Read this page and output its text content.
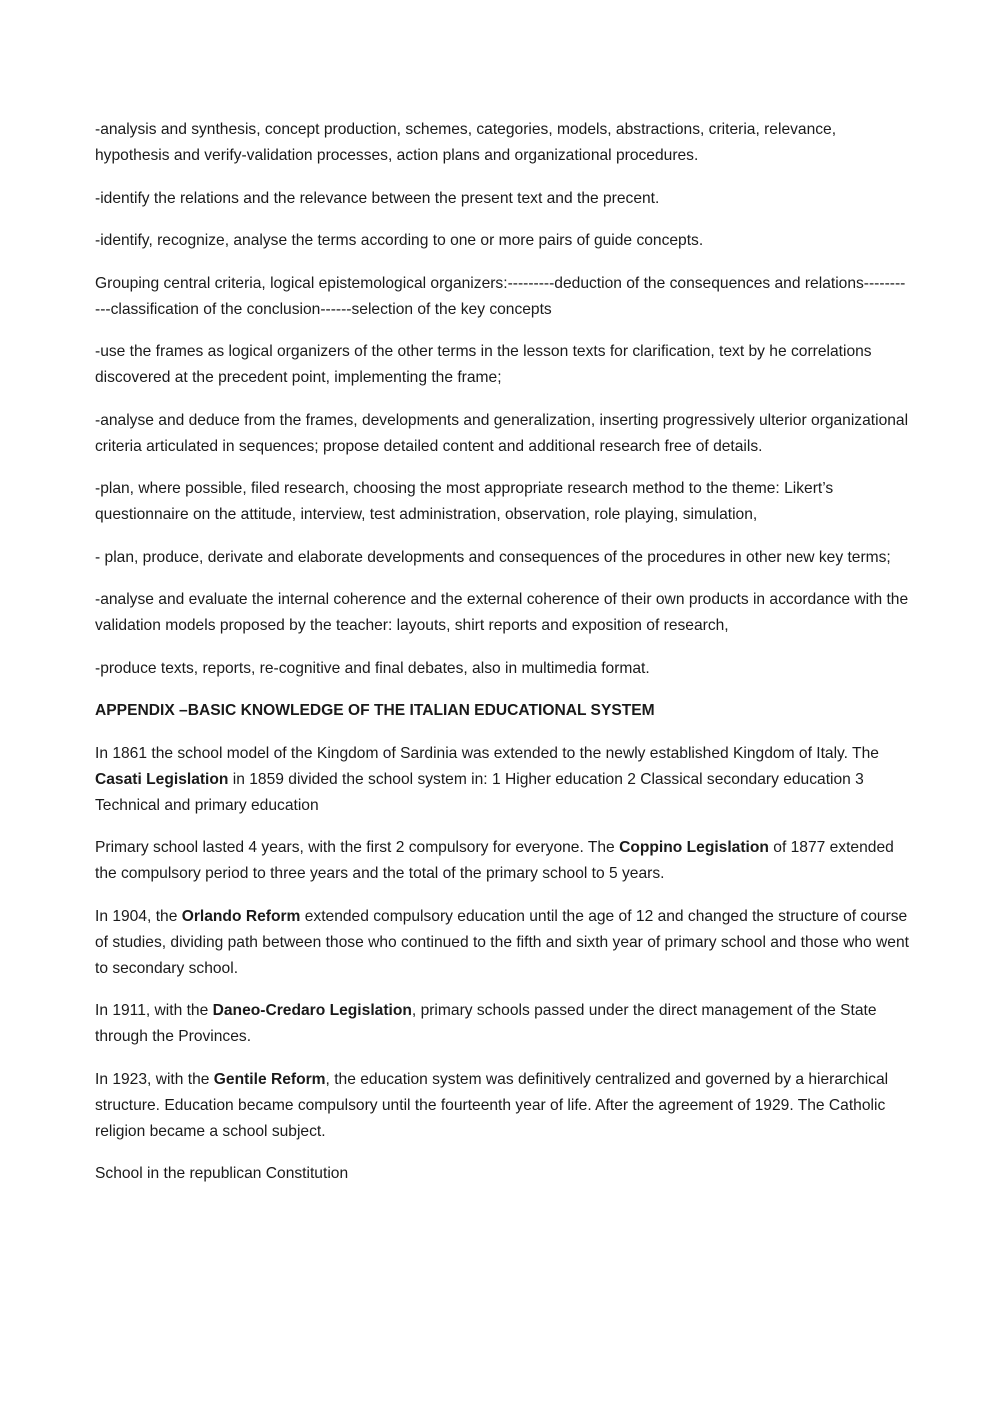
-analysis and synthesis, concept production, schemes, categories, models, abstractions, criteria, relevance, hypothesis and verify-validation processes, action plans and organizational procedures.

-identify the relations and the relevance between the present text and the precent.

-identify, recognize, analyse the terms according to one or more pairs of guide concepts.

Grouping central criteria, logical epistemological organizers:---------deduction of the consequences and relations-----------classification of the conclusion------selection of the key concepts

-use the frames as logical organizers of the other terms in the lesson texts for clarification, text by he correlations discovered at the precedent point, implementing the frame;

-analyse and deduce from the frames, developments and generalization, inserting progressively ulterior organizational criteria articulated in sequences; propose detailed content and additional research free of details.

-plan, where possible, filed research, choosing the most appropriate research method to the theme: Likert’s questionnaire on the attitude, interview, test administration, observation, role playing, simulation,

- plan, produce, derivate and elaborate developments and consequences of the procedures in other new key terms;

-analyse and evaluate the internal coherence and the external coherence of their own products in accordance with the validation models proposed by the teacher: layouts, shirt reports and exposition of research,

-produce texts, reports, re-cognitive and final debates, also in multimedia format.

APPENDIX –BASIC KNOWLEDGE OF THE ITALIAN EDUCATIONAL SYSTEM

In 1861 the school model of the Kingdom of Sardinia was extended to the newly established Kingdom of Italy. The Casati Legislation in 1859 divided the school system in: 1 Higher education 2 Classical secondary education 3 Technical and primary education

Primary school lasted 4 years, with the first 2 compulsory for everyone. The Coppino Legislation of 1877 extended the compulsory period to three years and the total of the primary school to 5 years.

In 1904, the Orlando Reform extended compulsory education until the age of 12 and changed the structure of course of studies, dividing path between those who continued to the fifth and sixth year of primary school and those who went to secondary school.

In 1911, with the Daneo-Credaro Legislation, primary schools passed under the direct management of the State through the Provinces.

In 1923, with the Gentile Reform, the education system was definitively centralized and governed by a hierarchical structure. Education became compulsory until the fourteenth year of life. After the agreement of 1929. The Catholic religion became a school subject.

School in the republican Constitution
